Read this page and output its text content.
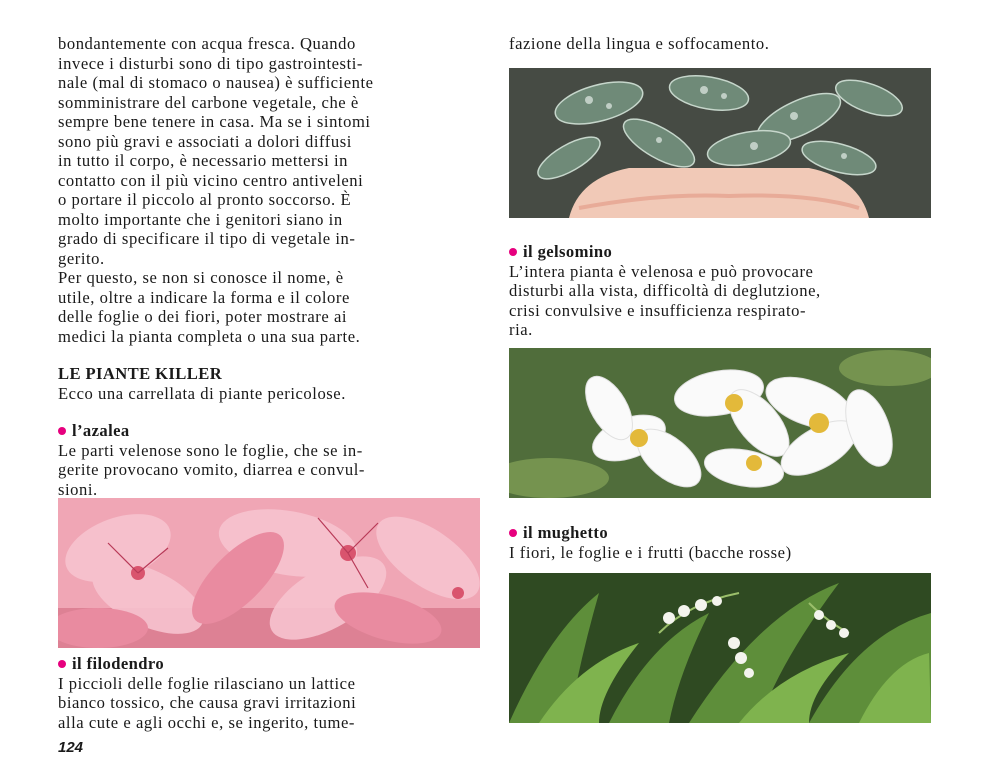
bondantemente con acqua fresca. Quando

invece i disturbi sono di tipo gastrointesti-

nale (mal di stomaco o nausea) è sufficiente

somministrare del carbone vegetale, che è

sempre bene tenere in casa. Ma se i sintomi

sono più gravi e associati a dolori diffusi

in tutto il corpo, è necessario mettersi in

contatto con il più vicino centro antiveleni

o portare il piccolo al pronto soccorso. È

molto importante che i genitori siano in

grado di specificare il tipo di vegetale in-

gerito.

Per questo, se non si conosce il nome, è

utile, oltre a indicare la forma e il colore

delle foglie o dei fiori, poter mostrare ai

medici la pianta completa o una sua parte.

LE PIANTE KILLER

Ecco una carrellata di piante pericolose.

l’azalea

Le parti velenose sono le foglie, che se in-

gerite provocano vomito, diarrea e convul-

sioni.

il filodendro

I piccioli delle foglie rilasciano un lattice

bianco tossico, che causa gravi irritazioni

alla cute e agli occhi e, se ingerito, tume-

fazione della lingua e soffocamento.

il gelsomino

L’intera pianta è velenosa e può provocare

disturbi alla vista, difficoltà di deglutzione,

crisi convulsive e insufficienza respirato-

ria.

il mughetto

I fiori, le foglie e i frutti (bacche rosse)

124
